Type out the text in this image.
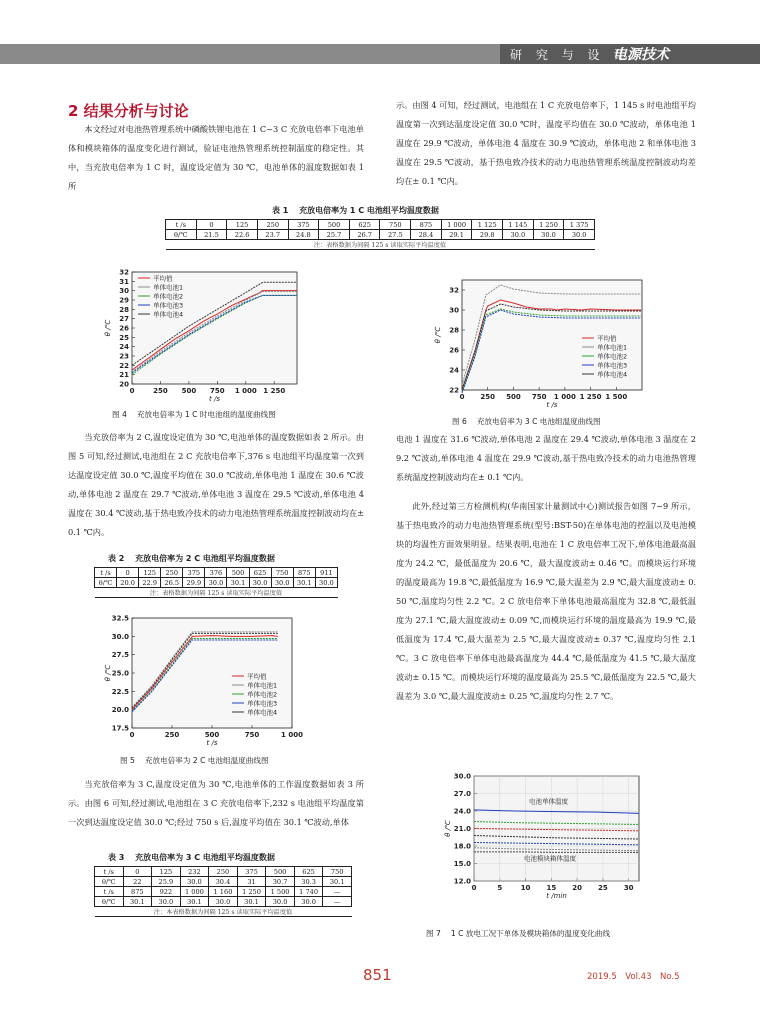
研 究 与 设 计
电源技术
2 结果分析与讨论
本文经过对电池热管理系统中磷酸铁锂电池在 1 C~3 C 充放电倍率下电池单体和模块箱体的温度变化进行测试，验证电池热管理系统控制温度的稳定性。其中，当充放电倍率为 1 C 时，温度设定值为 30 ℃，电池单体的温度数据如表 1 所
示。由图 4 可知，经过测试，电池组在 1 C 充放电倍率下，1 145 s 时电池组平均温度第一次到达温度设定值 30.0 ℃时，温度平均值在 30.0 ℃波动，单体电池 1 温度在 29.9 ℃波动，单体电池 4 温度在 30.9 ℃波动，单体电池 2 和单体电池 3 温度在 29.5 ℃波动，基于热电致冷技术的动力电池热管理系统温度控制波动均差均在± 0.1 ℃内。
表 1　 充放电倍率为 1 C 电池组平均温度数据
t /s	0	125	250	375	500	625	750	875	1 000	1 125	1 145	1 250	1 375
θ/℃	21.5	22.6	23.7	24.8	25.7	26.7	27.5	28.4	29.1	29.8	30.0	30.0	30.0
注：表格数据为间隔 125 s 读取实际平均温度值													
20
21
22
23
24
25
26
27
28
29
30
31
32
0	250 500 750 1 000 1 250
t /s
θ /℃
平均值
单体电池1
单体电池2
单体电池3
单体电池4
图 4　 充放电倍率为 1 C 时电池组的温度曲线图
22
24
26
28
30
32
0 250 500 750 1 000 1 250 1 500
t /s
θ /℃	平均值
单体电池1
单体电池2
单体电池3
单体电池4
图 6　 充放电倍率为 3 C 电池组温度曲线图
当充放倍率为 2 C,温度设定值为 30 ℃,电池单体的温度数据如表 2 所示。由图 5 可知,经过测试,电池组在 2 C 充放电倍率下,376 s 电池组平均温度第一次到达温度设定值 30.0 ℃,温度平均值在 30.0 ℃波动,单体电池 1 温度在 30.6 ℃波动,单体电池 2 温度在 29.7 ℃波动,单体电池 3 温度在 29.5 ℃波动,单体电池 4 温度在 30.4 ℃波动,基于热电致冷技术的动力电池热管理系统温度控制波动均在± 0.1 ℃内。
电池 1 温度在 31.6 ℃波动,单体电池 2 温度在 29.4 ℃波动,单体电池 3 温度在 29.2 ℃波动,单体电池 4 温度在 29.9 ℃波动,基于热电致冷技术的动力电池热管理系统温度控制波动均在± 0.1 ℃内。
此外,经过第三方检测机构(华南国家计量测试中心)测试报告如图 7~9 所示，基于热电致冷的动力电池热管理系统(型号:BST-50)在单体电池的控温以及电池模块的均温性方面效果明显。结果表明,电池在 1 C 放电倍率工况下,单体电池最高温度为 24.2 ℃，最低温度为 20.6 ℃，最大温度波动± 0.46 ℃。而模块运行环境的温度最高为 19.8 ℃,最低温度为 16.9 ℃,最大温差为 2.9 ℃,最大温度波动± 0.50 ℃,温度均匀性 2.2 ℃。2 C 放电倍率下单体电池最高温度为 32.8 ℃,最低温度为 27.1 ℃,最大温度波动± 0.09 ℃,而模块运行环境的温度最高为 19.9 ℃,最低温度为 17.4 ℃,最大温差为 2.5 ℃,最大温度波动± 0.37 ℃,温度均匀性 2.1 ℃。3 C 放电倍率下单体电池最高温度为 44.4 ℃,最低温度为 41.5 ℃,最大温度波动± 0.15 ℃。而模块运行环境的温度最高为 25.5 ℃,最低温度为 22.5 ℃,最大温差为 3.0 ℃,最大温度波动± 0.25 ℃,温度均匀性 2.7 ℃。
表 2　 充放电倍率为 2 C 电池组平均温度数据
t /s	0	125	250	375	376	500	625	750	875	911
θ/℃	20.0	22.9	26.5	29.9	30.0	30.1	30.0	30.0	30.1	30.0
注：表格数据为间隔 125 s 读取实际平均温度值										
17.5
20.0
22.5
25.0
27.5
30.0
32.5
0	250	500	750	1 000
t /s
θ /℃	平均值
单体电池1
单体电池2
单体电池3
单体电池4
图 5　 充放电倍率为 2 C 电池组温度曲线图
当充放倍率为 3 C,温度设定值为 30 ℃,电池单体的工作温度数据如表 3 所示。由图 6 可知,经过测试,电池组在 3 C 充放电倍率下,232 s 电池组平均温度第一次到达温度设定值 30.0 ℃;经过 750 s 后,温度平均值在 30.1 ℃波动,单体
表 3　 充放电倍率为 3 C 电池组平均温度数据
t /s	0	125	232	250	375	500	625	750
θ/℃	22	25.9	30.0	30.4	31	30.7	30.3	30.1
t /s	875	922	1 000	1 160	1 250	1 500	1 740	—
θ/℃	30.1	30.0	30.1	30.0	30.1	30.0	30.0	—
注：本表格数据为间隔 125 s 读取实际平均温度值								
12.0
15.0
18.0
21.0
24.0
27.0
30.0
0	5	10 15 20 25 30
t /min
θ /℃
电池单体温度
电池模块箱体温度
图 7　 1 C 放电工况下单体及模块箱体的温度变化曲线
851	2019.5　Vol.43　No.5
